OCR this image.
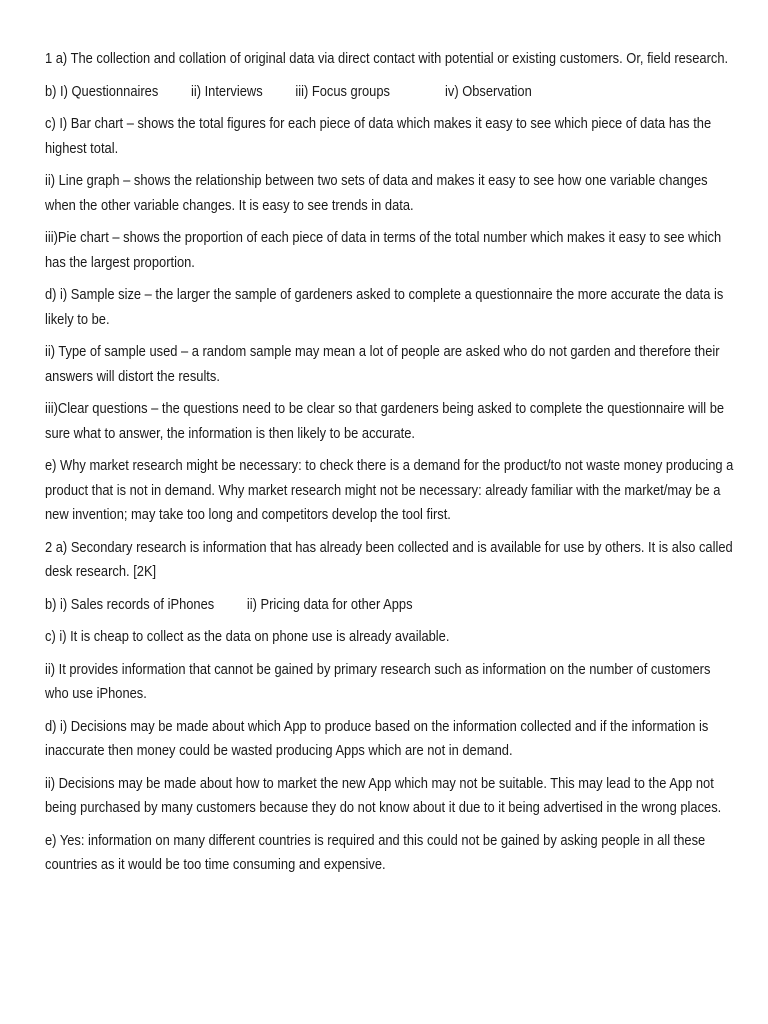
1 a) The collection and collation of original data via direct contact with potential or existing customers. Or, field research.

b) I) Questionnaires ii) Interviews iii) Focus groups	iv) Observation

c) I) Bar chart – shows the total figures for each piece of data which makes it easy to see which piece of data has the highest total.

ii) Line graph – shows the relationship between two sets of data and makes it easy to see how one variable changes when the other variable changes. It is easy to see trends in data.

iii)Pie chart – shows the proportion of each piece of data in terms of the total number which makes it easy to see which has the largest proportion.

d) i) Sample size – the larger the sample of gardeners asked to complete a questionnaire the more accurate the data is likely to be.

ii) Type of sample used – a random sample may mean a lot of people are asked who do not garden and therefore their answers will distort the results.

iii)Clear questions – the questions need to be clear so that gardeners being asked to complete the questionnaire will be sure what to answer, the information is then likely to be accurate.

e) Why market research might be necessary: to check there is a demand for the product/to not waste money producing a product that is not in demand. Why market research might not be necessary: already familiar with the market/may be a new invention; may take too long and competitors develop the tool first.

2 a) Secondary research is information that has already been collected and is available for use by others. It is also called desk research. [2K]

b) i) Sales records of iPhones ii) Pricing data for other Apps

c) i) It is cheap to collect as the data on phone use is already available.

ii) It provides information that cannot be gained by primary research such as information on the number of customers who use iPhones.

d) i) Decisions may be made about which App to produce based on the information collected and if the information is inaccurate then money could be wasted producing Apps which are not in demand.

ii) Decisions may be made about how to market the new App which may not be suitable. This may lead to the App not being purchased by many customers because they do not know about it due to it being advertised in the wrong places.

e) Yes: information on many different countries is required and this could not be gained by asking people in all these countries as it would be too time consuming and expensive.
